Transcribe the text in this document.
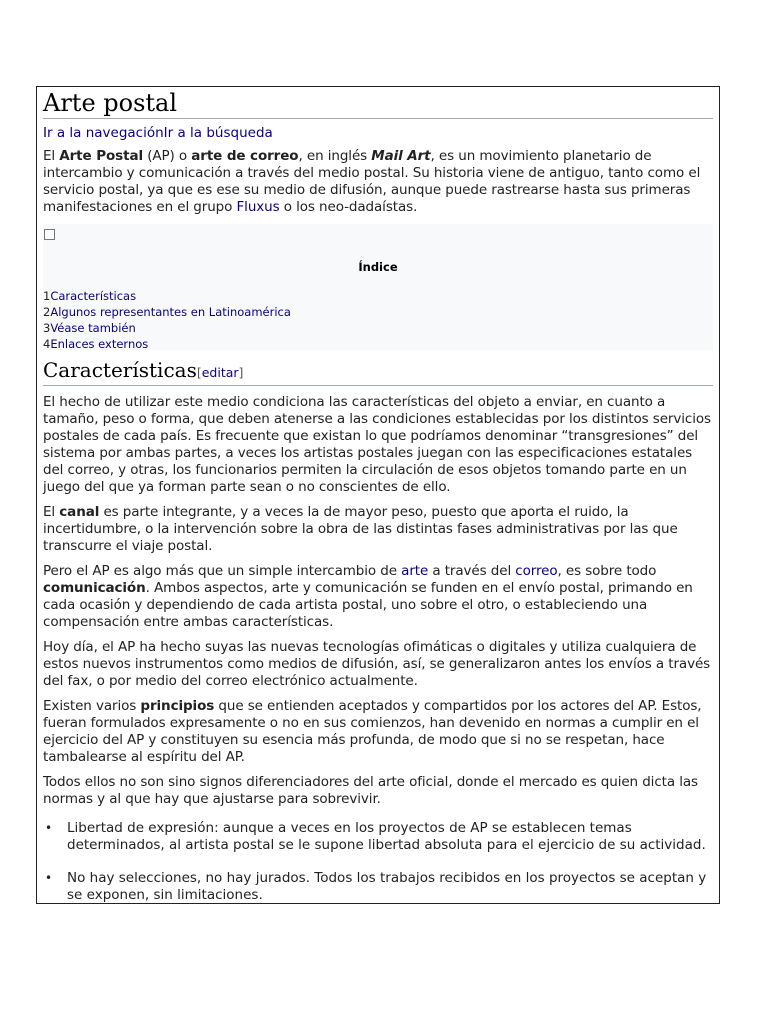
Arte postal
Ir a la navegaciónIr a la búsqueda

El Arte Postal (AP) o arte de correo, en inglés Mail Art, es un movimiento planetario de intercambio y comunicación a través del medio postal. Su historia viene de antiguo, tanto como el servicio postal, ya que es ese su medio de difusión, aunque puede rastrearse hasta sus primeras manifestaciones en el grupo Fluxus o los neo-dadaístas.

Índice
1Características
2Algunos representantes en Latinoamérica
3Véase también
4Enlaces externos
Características[editar]

El hecho de utilizar este medio condiciona las características del objeto a enviar, en cuanto a tamaño, peso o forma, que deben atenerse a las condiciones establecidas por los distintos servicios postales de cada país. Es frecuente que existan lo que podríamos denominar “transgresiones” del sistema por ambas partes, a veces los artistas postales juegan con las especificaciones estatales del correo, y otras, los funcionarios permiten la circulación de esos objetos tomando parte en un juego del que ya forman parte sean o no conscientes de ello.

El canal es parte integrante, y a veces la de mayor peso, puesto que aporta el ruido, la incertidumbre, o la intervención sobre la obra de las distintas fases administrativas por las que transcurre el viaje postal.

Pero el AP es algo más que un simple intercambio de arte a través del correo, es sobre todo comunicación. Ambos aspectos, arte y comunicación se funden en el envío postal, primando en cada ocasión y dependiendo de cada artista postal, uno sobre el otro, o estableciendo una compensación entre ambas características.

Hoy día, el AP ha hecho suyas las nuevas tecnologías ofimáticas o digitales y utiliza cualquiera de estos nuevos instrumentos como medios de difusión, así, se generalizaron antes los envíos a través del fax, o por medio del correo electrónico actualmente.

Existen varios principios que se entienden aceptados y compartidos por los actores del AP. Estos, fueran formulados expresamente o no en sus comienzos, han devenido en normas a cumplir en el ejercicio del AP y constituyen su esencia más profunda, de modo que si no se respetan, hace tambalearse al espíritu del AP.

Todos ellos no son sino signos diferenciadores del arte oficial, donde el mercado es quien dicta las normas y al que hay que ajustarse para sobrevivir.

• Libertad de expresión: aunque a veces en los proyectos de AP se establecen temas determinados, al artista postal se le supone libertad absoluta para el ejercicio de su actividad.
• No hay selecciones, no hay jurados. Todos los trabajos recibidos en los proyectos se aceptan y se exponen, sin limitaciones.
